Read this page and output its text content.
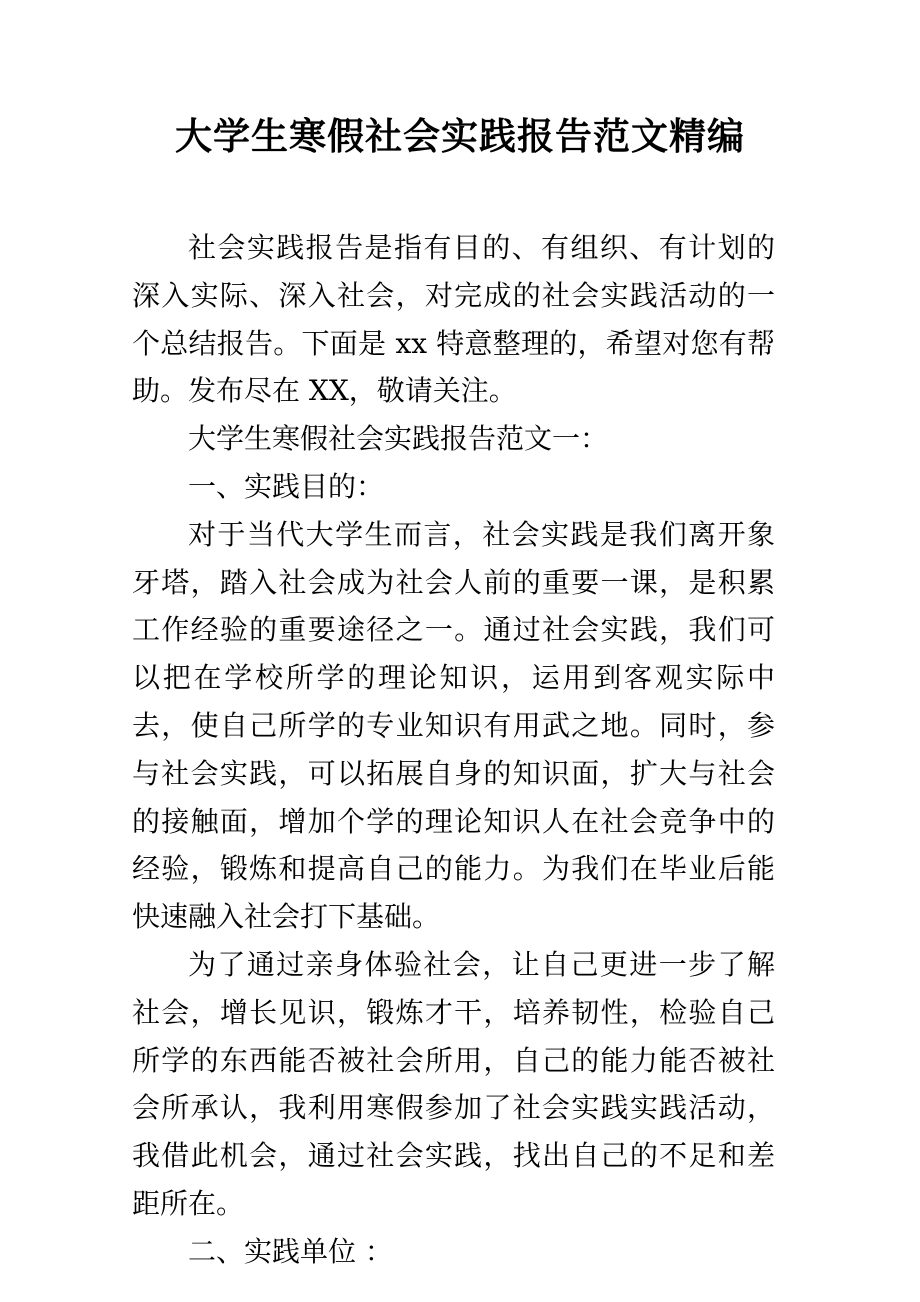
大学生寒假社会实践报告范文精编

社会实践报告是指有目的、有组织、有计划的深入实际、深入社会，对完成的社会实践活动的一个总结报告。下面是 xx 特意整理的，希望对您有帮助。发布尽在 XX，敬请关注。

大学生寒假社会实践报告范文一：

一、实践目的：

对于当代大学生而言，社会实践是我们离开象牙塔，踏入社会成为社会人前的重要一课，是积累工作经验的重要途径之一。通过社会实践，我们可以把在学校所学的理论知识，运用到客观实际中去，使自己所学的专业知识有用武之地。同时，参与社会实践，可以拓展自身的知识面，扩大与社会的接触面，增加个学的理论知识人在社会竞争中的经验，锻炼和提高自己的能力。为我们在毕业后能快速融入社会打下基础。

为了通过亲身体验社会，让自己更进一步了解社会，增长见识，锻炼才干，培养韧性，检验自己所学的东西能否被社会所用，自己的能力能否被社会所承认，我利用寒假参加了社会实践实践活动，我借此机会，通过社会实践，找出自己的不足和差距所在。

二、实践单位 ：
